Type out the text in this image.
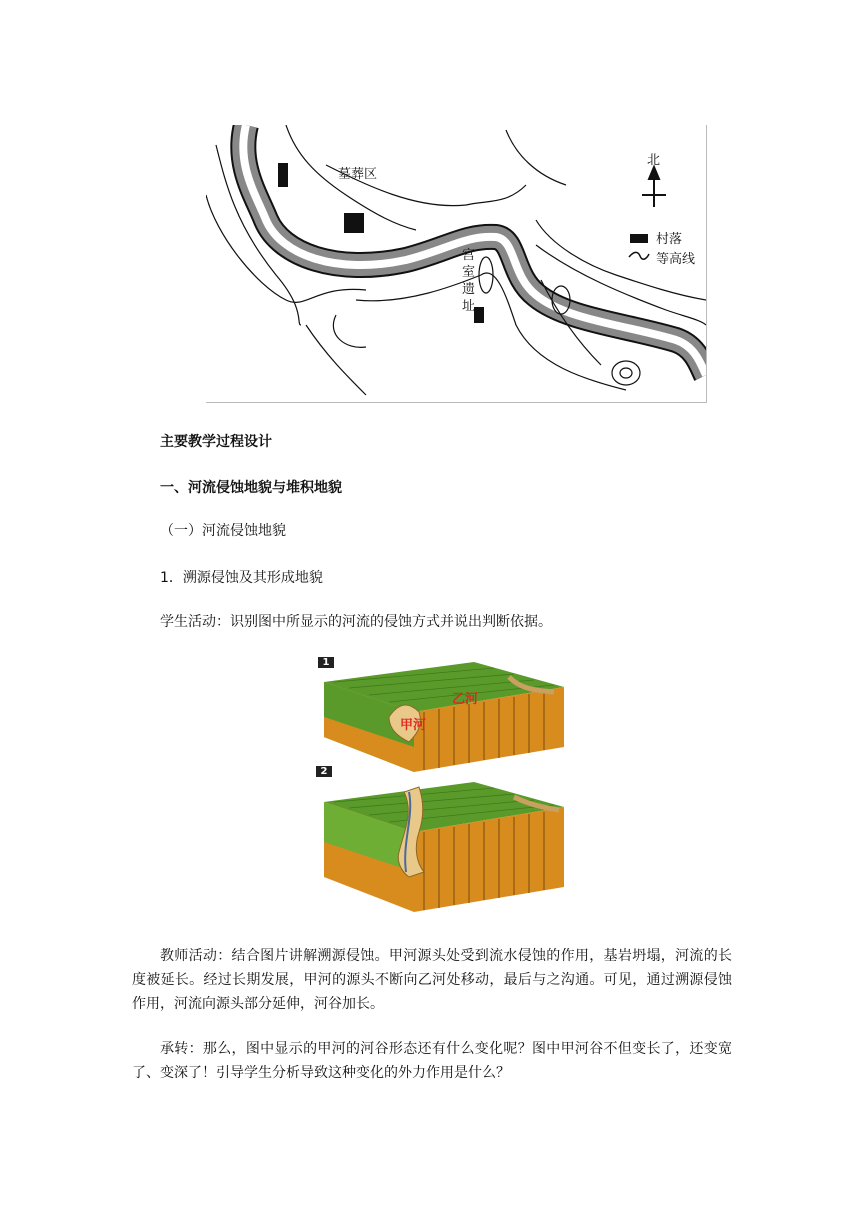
墓葬区
北
宫
室
遗
址
村落
等高线
主要教学过程设计
一、河流侵蚀地貌与堆积地貌
（一）河流侵蚀地貌
1．溯源侵蚀及其形成地貌
学生活动：识别图中所显示的河流的侵蚀方式并说出判断依据。
1
2
乙河
甲河
教师活动：结合图片讲解溯源侵蚀。甲河源头处受到流水侵蚀的作用，基岩坍塌，河流的长度被延长。经过长期发展，甲河的源头不断向乙河处移动，最后与之沟通。可见，通过溯源侵蚀作用，河流向源头部分延伸，河谷加长。
承转：那么，图中显示的甲河的河谷形态还有什么变化呢？图中甲河谷不但变长了，还变宽了、变深了！引导学生分析导致这种变化的外力作用是什么？
